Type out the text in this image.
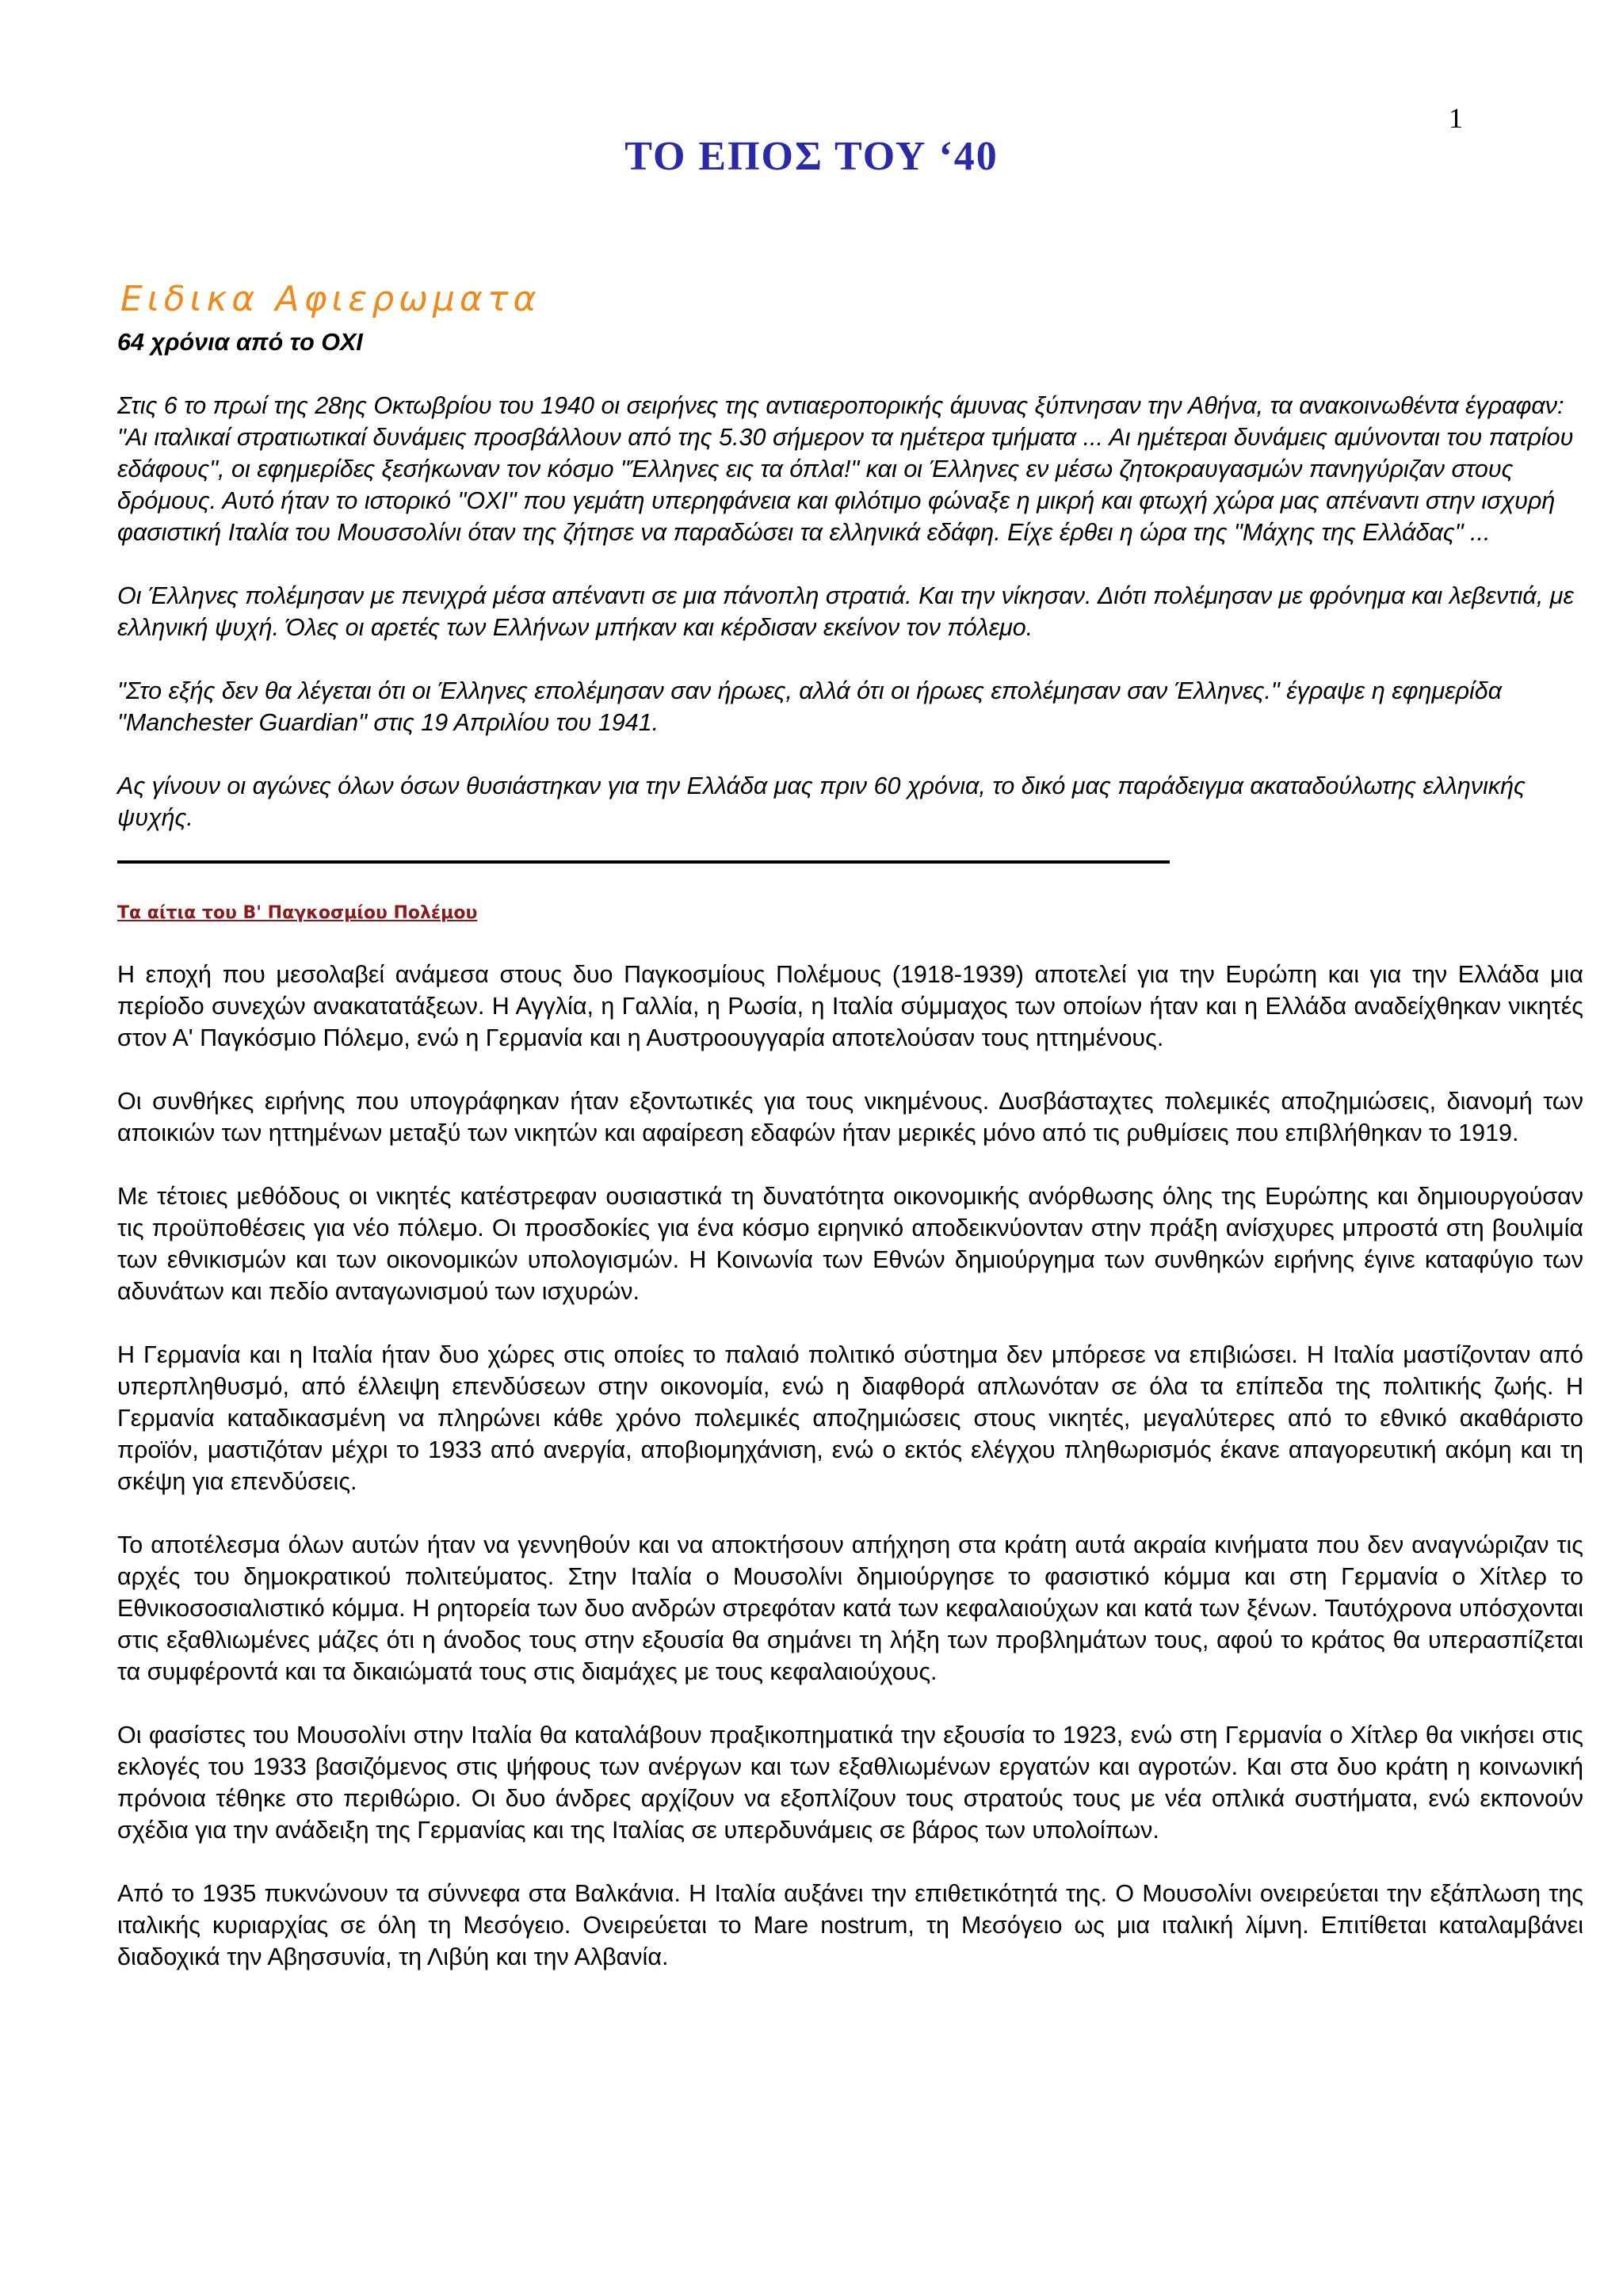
1
ΤΟ ΕΠΟΣ ΤΟΥ ‘40
Ειδικα Αφιερωματα
64 χρόνια από το ΟΧΙ

Στις 6 το πρωί της 28ης Οκτωβρίου του 1940 οι σειρήνες της αντιαεροπορικής άμυνας ξύπνησαν την Αθήνα, τα ανακοινωθέντα έγραφαν: "Αι ιταλικαί στρατιωτικαί δυνάμεις προσβάλλουν από της 5.30 σήμερον τα ημέτερα τμήματα ... Αι ημέτεραι δυνάμεις αμύνονται του πατρίου εδάφους", οι εφημερίδες ξεσήκωναν τον κόσμο "Έλληνες εις τα όπλα!" και οι Έλληνες εν μέσω ζητοκραυγασμών πανηγύριζαν στους δρόμους. Αυτό ήταν το ιστορικό "ΟΧΙ" που γεμάτη υπερηφάνεια και φιλότιμο φώναξε η μικρή και φτωχή χώρα μας απέναντι στην ισχυρή φασιστική Ιταλία του Μουσσολίνι όταν της ζήτησε να παραδώσει τα ελληνικά εδάφη. Είχε έρθει η ώρα της "Μάχης της Ελλάδας" ...

Οι Έλληνες πολέμησαν με πενιχρά μέσα απέναντι σε μια πάνοπλη στρατιά. Και την νίκησαν. Διότι πολέμησαν με φρόνημα και λεβεντιά, με ελληνική ψυχή. Όλες οι αρετές των Ελλήνων μπήκαν και κέρδισαν εκείνον τον πόλεμο.

"Στο εξής δεν θα λέγεται ότι οι Έλληνες επολέμησαν σαν ήρωες, αλλά ότι οι ήρωες επολέμησαν σαν Έλληνες." έγραψε η εφημερίδα "Manchester Guardian" στις 19 Απριλίου του 1941.

Ας γίνουν οι αγώνες όλων όσων θυσιάστηκαν για την Ελλάδα μας πριν 60 χρόνια, το δικό μας παράδειγμα ακαταδούλωτης ελληνικής ψυχής.

Τα αίτια του Β' Παγκοσμίου Πολέμου

Η εποχή που μεσολαβεί ανάμεσα στους δυο Παγκοσμίους Πολέμους (1918-1939) αποτελεί για την Ευρώπη και για την Ελλάδα μια περίοδο συνεχών ανακατατάξεων. Η Αγγλία, η Γαλλία, η Ρωσία, η Ιταλία σύμμαχος των οποίων ήταν και η Ελλάδα αναδείχθηκαν νικητές στον Α' Παγκόσμιο Πόλεμο, ενώ η Γερμανία και η Αυστροουγγαρία αποτελούσαν τους ηττημένους.

Οι συνθήκες ειρήνης που υπογράφηκαν ήταν εξοντωτικές για τους νικημένους. Δυσβάσταχτες πολεμικές αποζημιώσεις, διανομή των αποικιών των ηττημένων μεταξύ των νικητών και αφαίρεση εδαφών ήταν μερικές μόνο από τις ρυθμίσεις που επιβλήθηκαν το 1919.

Με τέτοιες μεθόδους οι νικητές κατέστρεφαν ουσιαστικά τη δυνατότητα οικονομικής ανόρθωσης όλης της Ευρώπης και δημιουργούσαν τις προϋποθέσεις για νέο πόλεμο. Οι προσδοκίες για ένα κόσμο ειρηνικό αποδεικνύονταν στην πράξη ανίσχυρες μπροστά στη βουλιμία των εθνικισμών και των οικονομικών υπολογισμών. Η Κοινωνία των Εθνών δημιούργημα των συνθηκών ειρήνης έγινε καταφύγιο των αδυνάτων και πεδίο ανταγωνισμού των ισχυρών.

Η Γερμανία και η Ιταλία ήταν δυο χώρες στις οποίες το παλαιό πολιτικό σύστημα δεν μπόρεσε να επιβιώσει. Η Ιταλία μαστίζονταν από υπερπληθυσμό, από έλλειψη επενδύσεων στην οικονομία, ενώ η διαφθορά απλωνόταν σε όλα τα επίπεδα της πολιτικής ζωής. Η Γερμανία καταδικασμένη να πληρώνει κάθε χρόνο πολεμικές αποζημιώσεις στους νικητές, μεγαλύτερες από το εθνικό ακαθάριστο προϊόν, μαστιζόταν μέχρι το 1933 από ανεργία, αποβιομηχάνιση, ενώ ο εκτός ελέγχου πληθωρισμός έκανε απαγορευτική ακόμη και τη σκέψη για επενδύσεις.

Το αποτέλεσμα όλων αυτών ήταν να γεννηθούν και να αποκτήσουν απήχηση στα κράτη αυτά ακραία κινήματα που δεν αναγνώριζαν τις αρχές του δημοκρατικού πολιτεύματος. Στην Ιταλία ο Μουσολίνι δημιούργησε το φασιστικό κόμμα και στη Γερμανία ο Χίτλερ το Εθνικοσοσιαλιστικό κόμμα. Η ρητορεία των δυο ανδρών στρεφόταν κατά των κεφαλαιούχων και κατά των ξένων. Ταυτόχρονα υπόσχονται στις εξαθλιωμένες μάζες ότι η άνοδος τους στην εξουσία θα σημάνει τη λήξη των προβλημάτων τους, αφού το κράτος θα υπερασπίζεται τα συμφέροντά και τα δικαιώματά τους στις διαμάχες με τους κεφαλαιούχους.

Οι φασίστες του Μουσολίνι στην Ιταλία θα καταλάβουν πραξικοπηματικά την εξουσία το 1923, ενώ στη Γερμανία ο Χίτλερ θα νικήσει στις εκλογές του 1933 βασιζόμενος στις ψήφους των ανέργων και των εξαθλιωμένων εργατών και αγροτών. Και στα δυο κράτη η κοινωνική πρόνοια τέθηκε στο περιθώριο. Οι δυο άνδρες αρχίζουν να εξοπλίζουν τους στρατούς τους με νέα οπλικά συστήματα, ενώ εκπονούν σχέδια για την ανάδειξη της Γερμανίας και της Ιταλίας σε υπερδυνάμεις σε βάρος των υπολοίπων.

Από το 1935 πυκνώνουν τα σύννεφα στα Βαλκάνια. Η Ιταλία αυξάνει την επιθετικότητά της. Ο Μουσολίνι ονειρεύεται την εξάπλωση της ιταλικής κυριαρχίας σε όλη τη Μεσόγειο. Ονειρεύεται το Mare nostrum, τη Μεσόγειο ως μια ιταλική λίμνη. Επιτίθεται καταλαμβάνει διαδοχικά την Αβησσυνία, τη Λιβύη και την Αλβανία.
